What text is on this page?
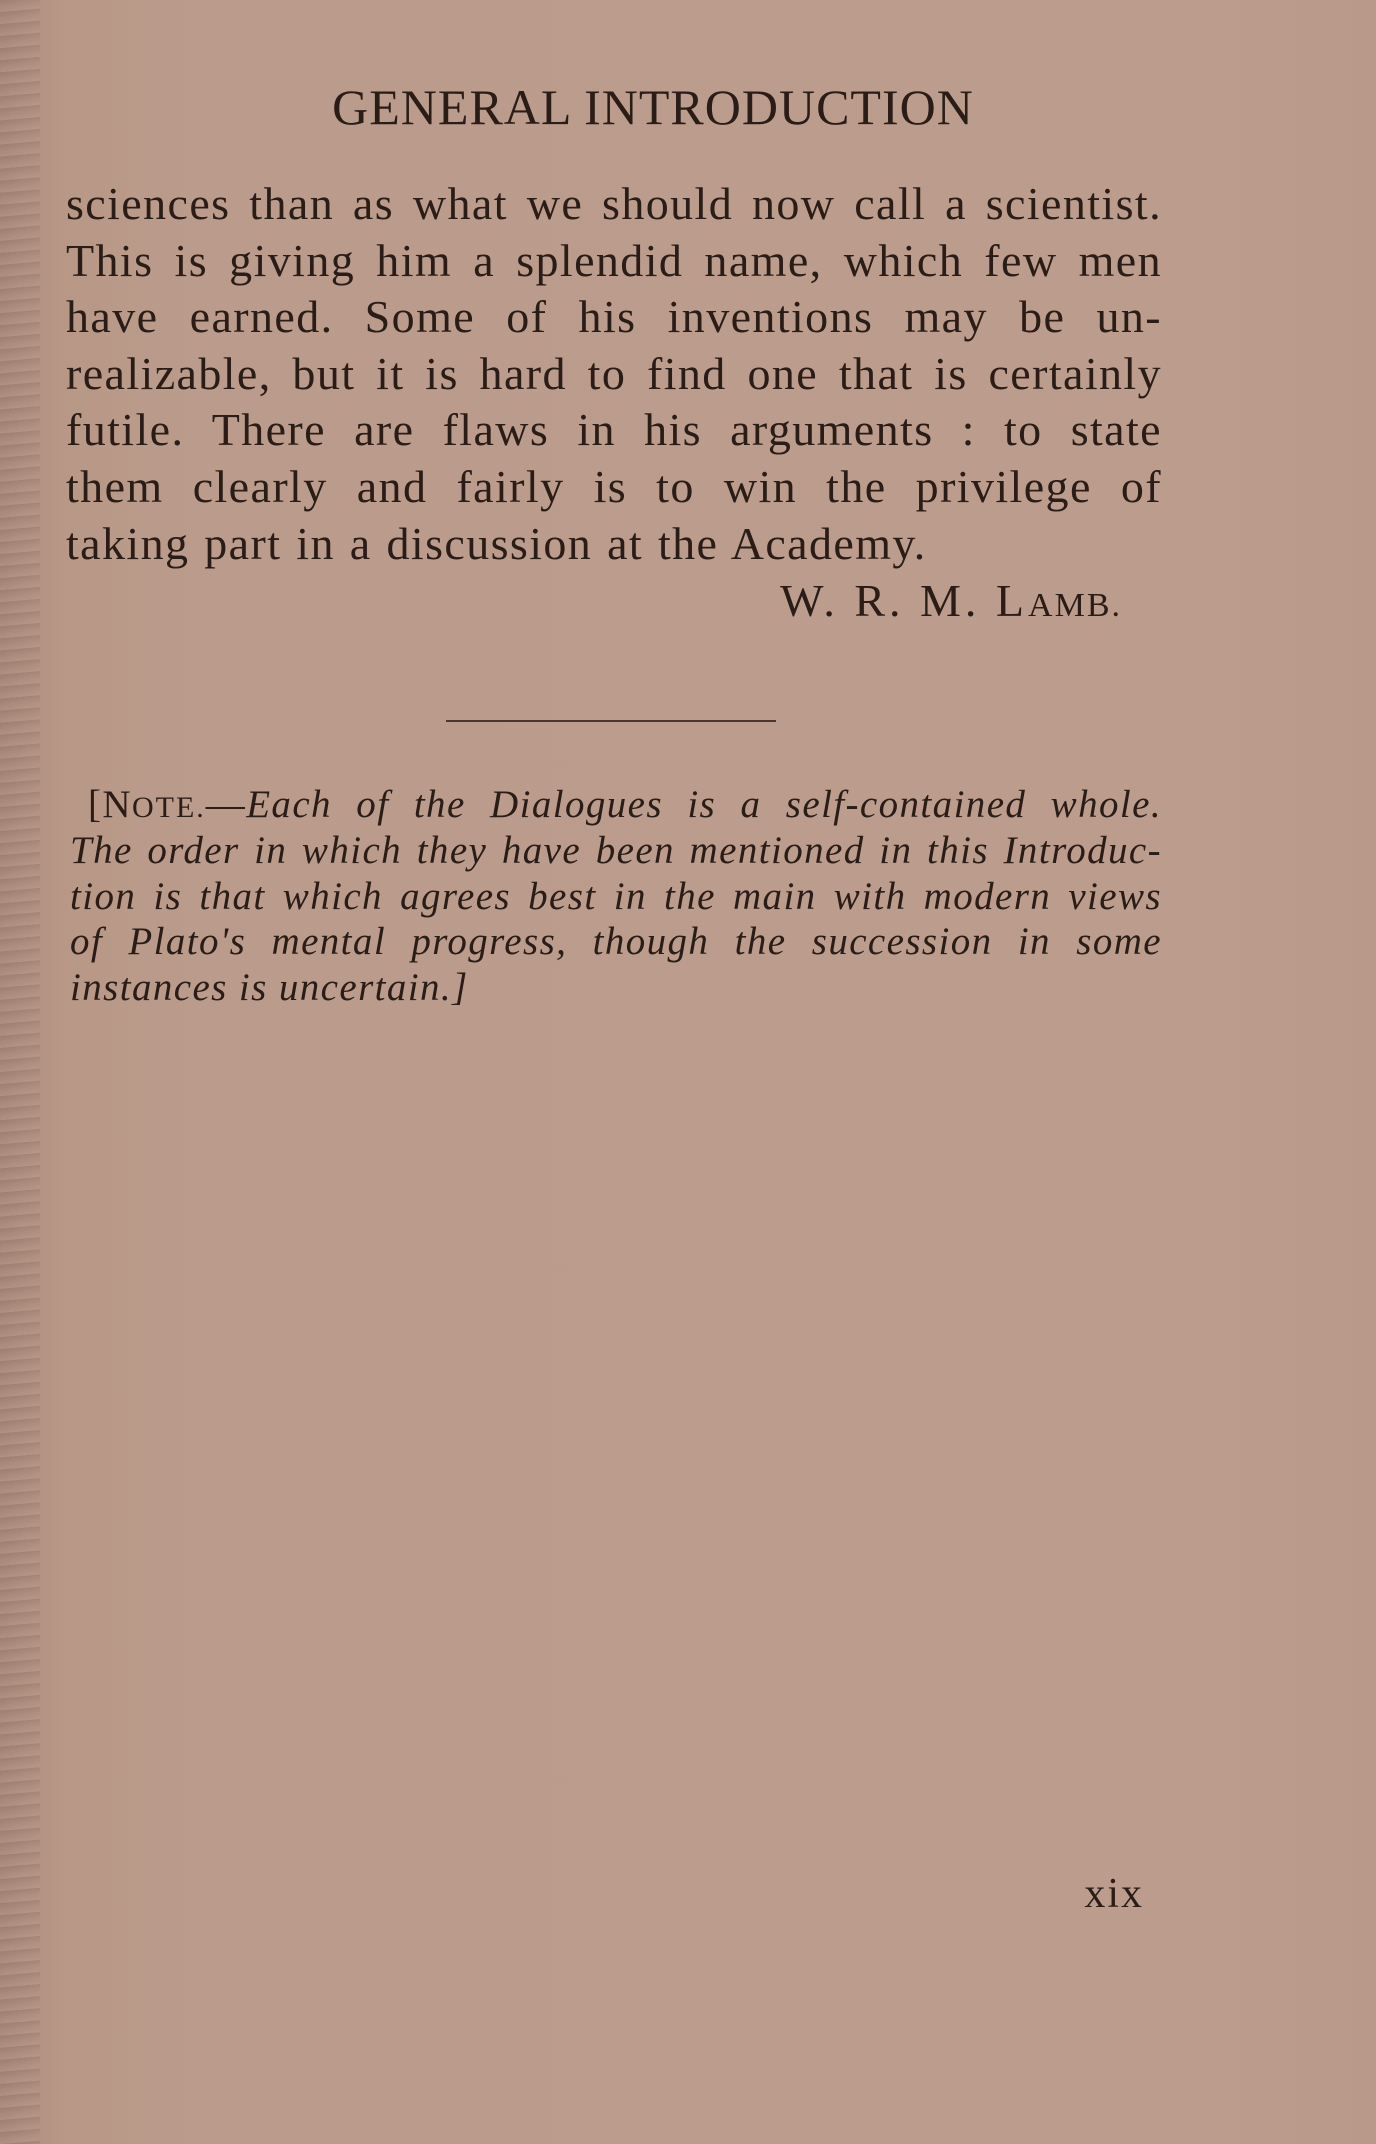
GENERAL INTRODUCTION
sciences than as what we should now call a scientist.
This is giving him a splendid name, which few men
have earned. Some of his inventions may be un-
realizable, but it is hard to find one that is certainly
futile. There are flaws in his arguments : to state
them clearly and fairly is to win the privilege of
taking part in a discussion at the Academy.
W. R. M. LAMB.
[NOTE.—Each of the Dialogues is a self-contained whole.
The order in which they have been mentioned in this Introduc-
tion is that which agrees best in the main with modern views
of Plato's mental progress, though the succession in some
instances is uncertain.]
xix
